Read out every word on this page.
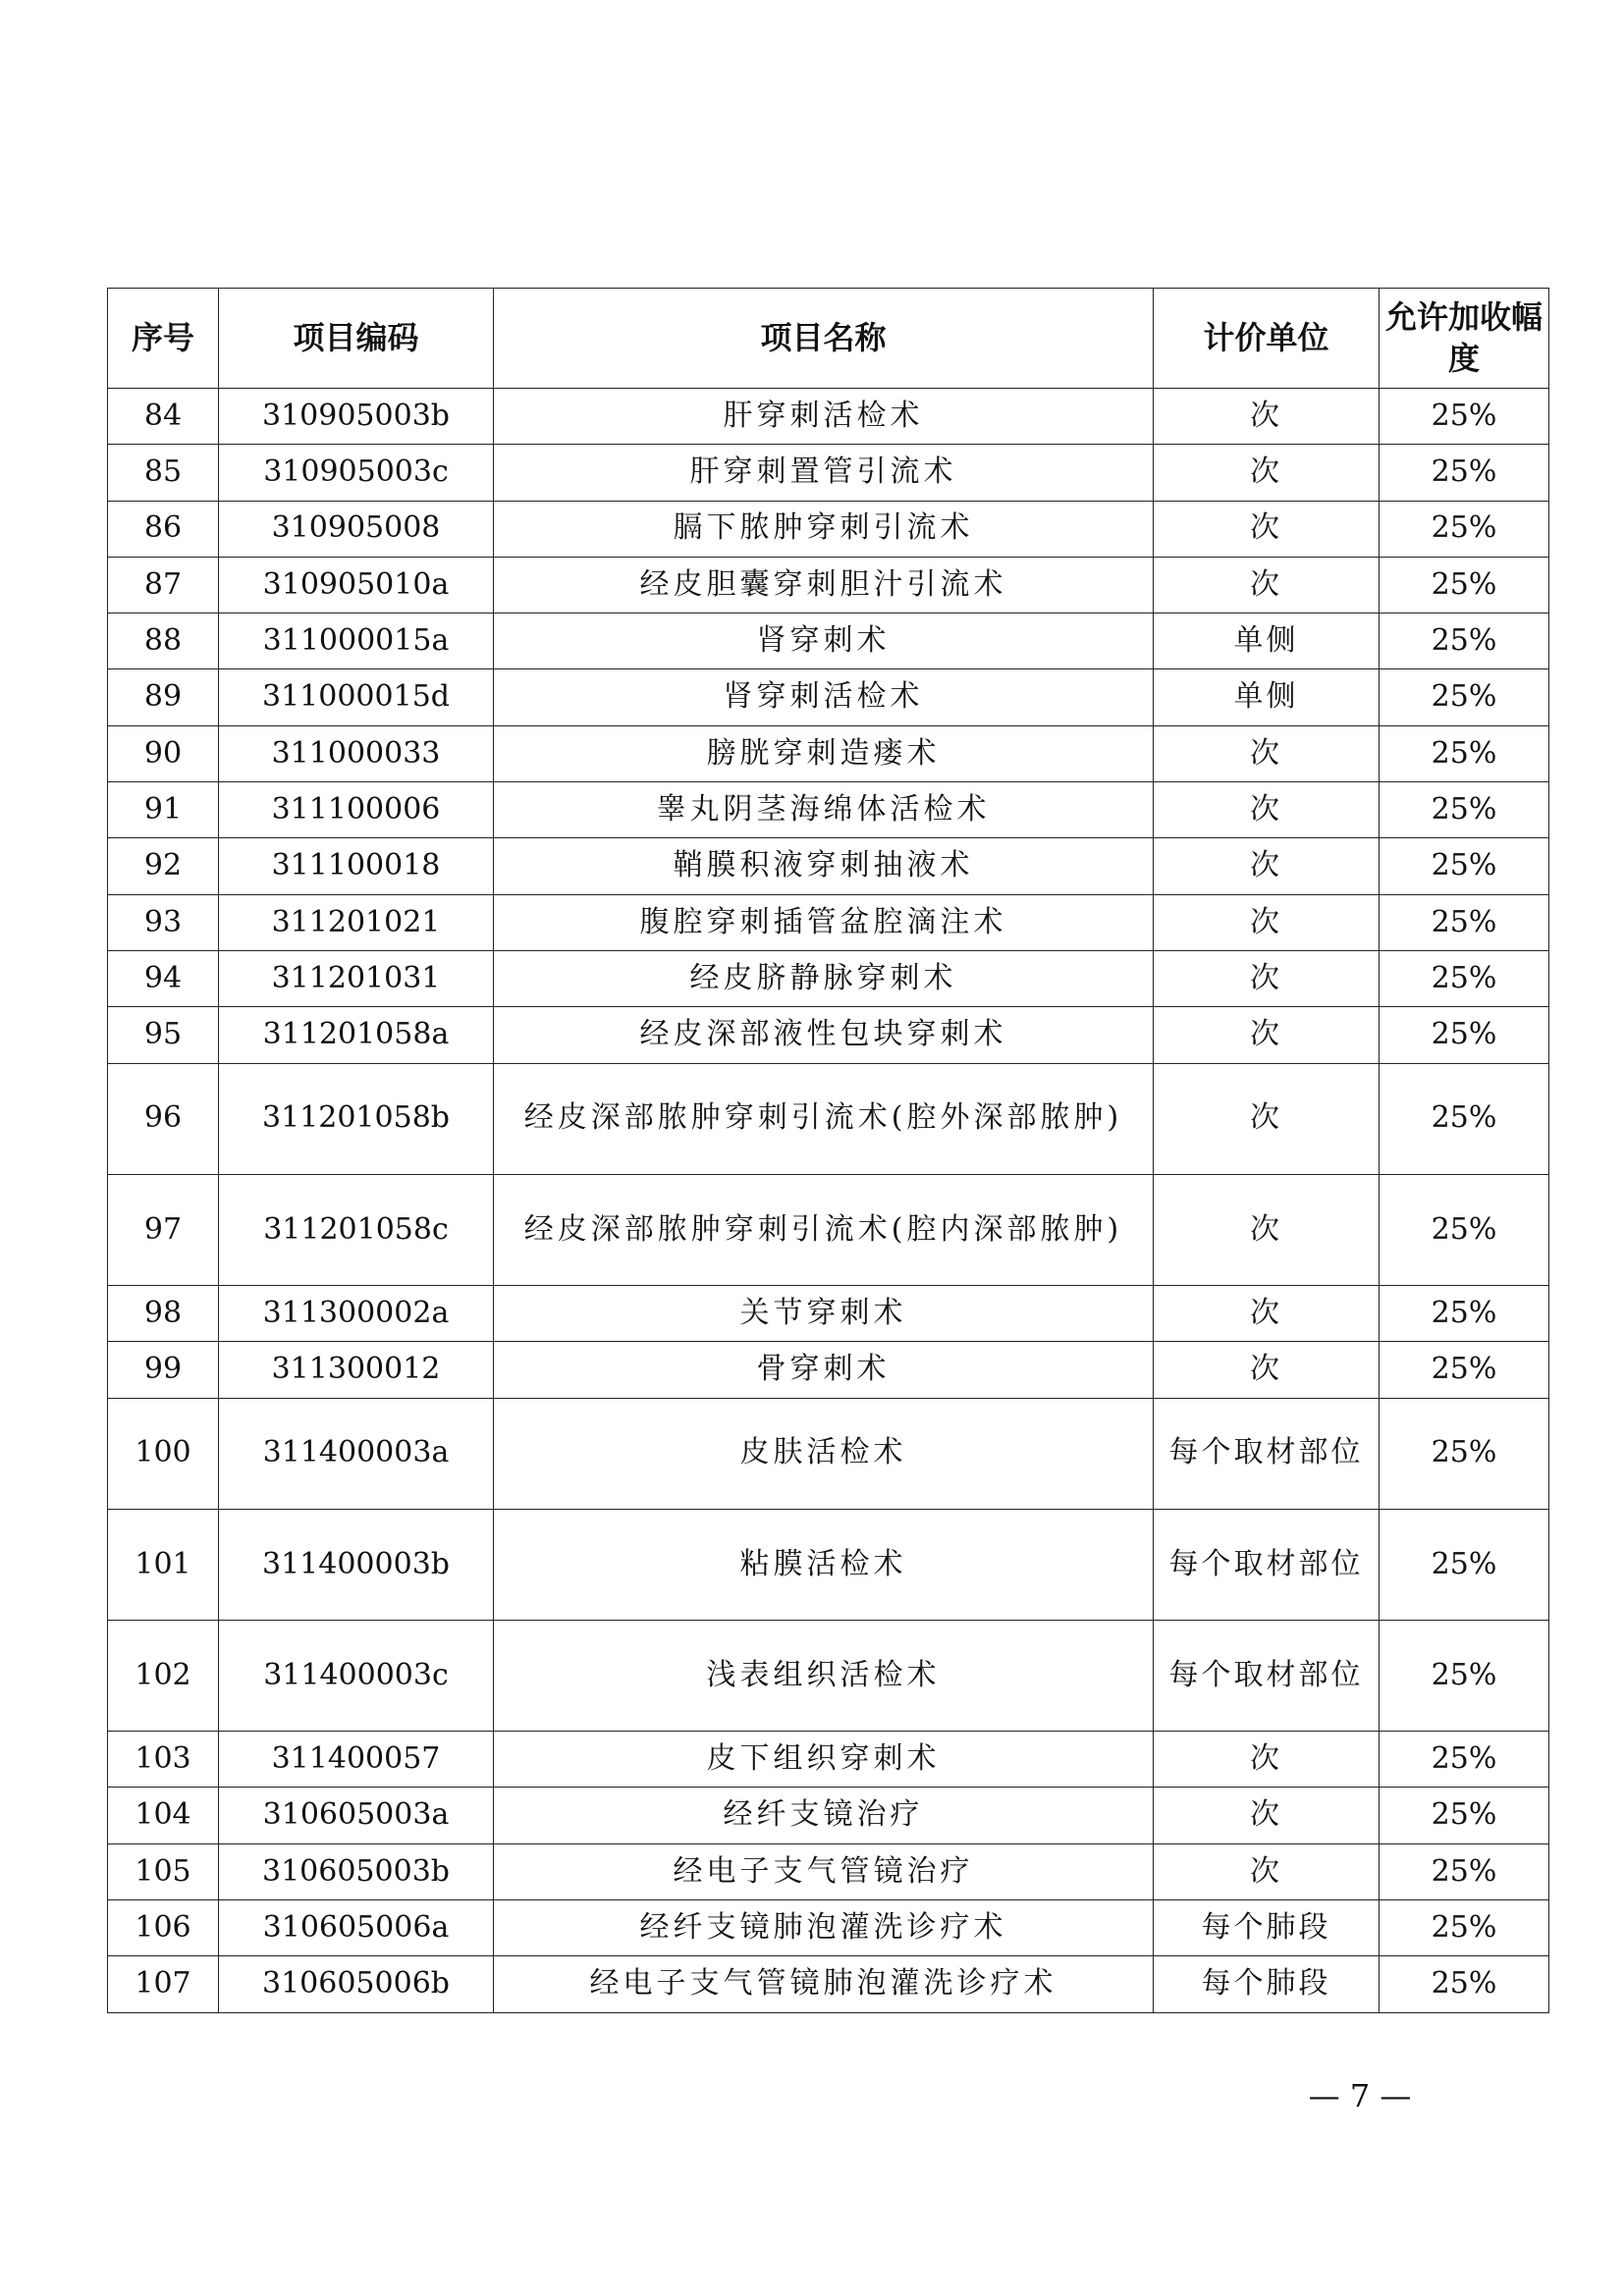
序号	项目编码	项目名称	计价单位	允许加收幅度
84	310905003b	肝穿刺活检术	次	25%
85	310905003c	肝穿刺置管引流术	次	25%
86	310905008	膈下脓肿穿刺引流术	次	25%
87	310905010a	经皮胆囊穿刺胆汁引流术	次	25%
88	311000015a	肾穿刺术	单侧	25%
89	311000015d	肾穿刺活检术	单侧	25%
90	311000033	膀胱穿刺造瘘术	次	25%
91	311100006	睾丸阴茎海绵体活检术	次	25%
92	311100018	鞘膜积液穿刺抽液术	次	25%
93	311201021	腹腔穿刺插管盆腔滴注术	次	25%
94	311201031	经皮脐静脉穿刺术	次	25%
95	311201058a	经皮深部液性包块穿刺术	次	25%
96	311201058b	经皮深部脓肿穿刺引流术(腔外深部脓肿)	次	25%
97	311201058c	经皮深部脓肿穿刺引流术(腔内深部脓肿)	次	25%
98	311300002a	关节穿刺术	次	25%
99	311300012	骨穿刺术	次	25%
100	311400003a	皮肤活检术	每个取材部位	25%
101	311400003b	粘膜活检术	每个取材部位	25%
102	311400003c	浅表组织活检术	每个取材部位	25%
103	311400057	皮下组织穿刺术	次	25%
104	310605003a	经纤支镜治疗	次	25%
105	310605003b	经电子支气管镜治疗	次	25%
106	310605006a	经纤支镜肺泡灌洗诊疗术	每个肺段	25%
107	310605006b	经电子支气管镜肺泡灌洗诊疗术	每个肺段	25%
— 7 —
